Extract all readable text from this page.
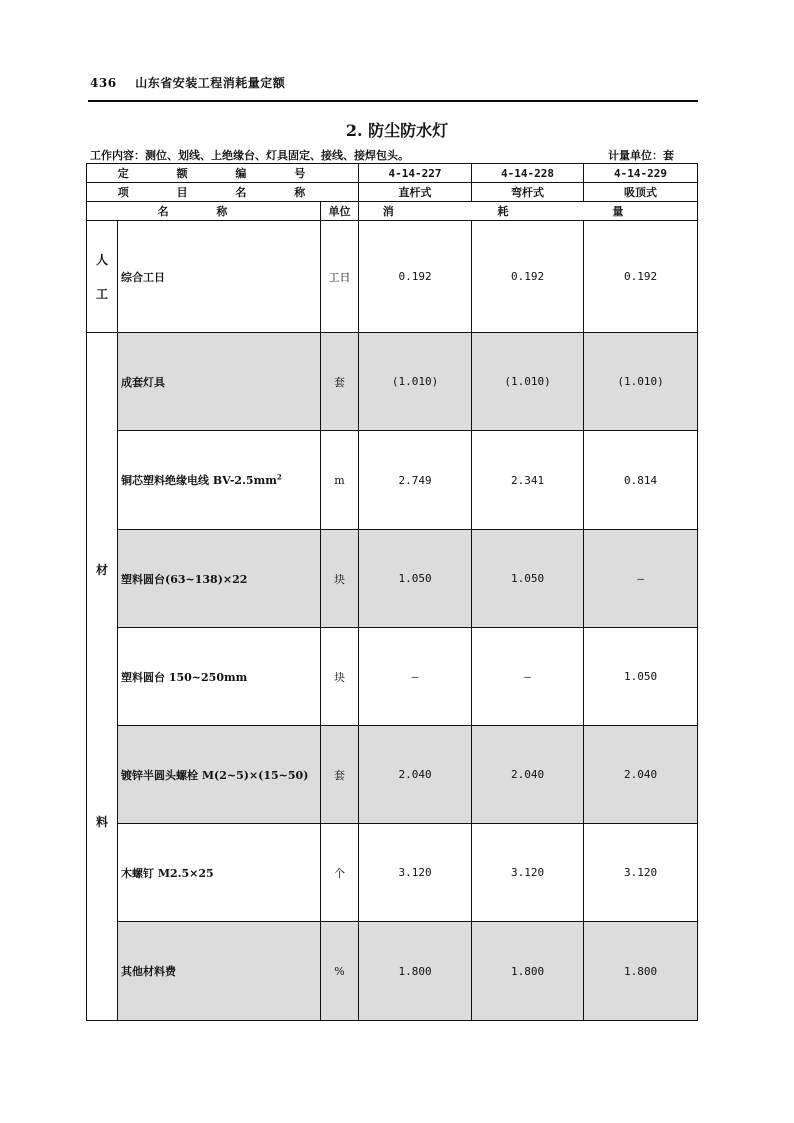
436 山东省安装工程消耗量定额
2. 防尘防水灯
工作内容：测位、划线、上绝缘台、灯具固定、接线、接焊包头。	计量单位：套
定 额 编 号			4-14-227	4-14-228	4-14-229
项 目 名 称			直杆式	弯杆式	吸顶式
名 称		单位	消 耗 量		

人
工	综合工日	工日	0.192	0.192	0.192

材
料	成套灯具	套	(1.010)	(1.010)	(1.010)
	铜芯塑料绝缘电线 $BV-2.5mm^2$	m	2.749	2.341	0.814
	塑料圆台(63~138)×22	块	1.050	1.050	—
	塑料圆台 150~250mm	块	—	—	1.050
	镀锌半圆头螺栓 M(2~5)×(15~50)	套	2.040	2.040	2.040
	木螺钉 M2.5×25	个	3.120	3.120	3.120
	其他材料费	%	1.800	1.800	1.800
